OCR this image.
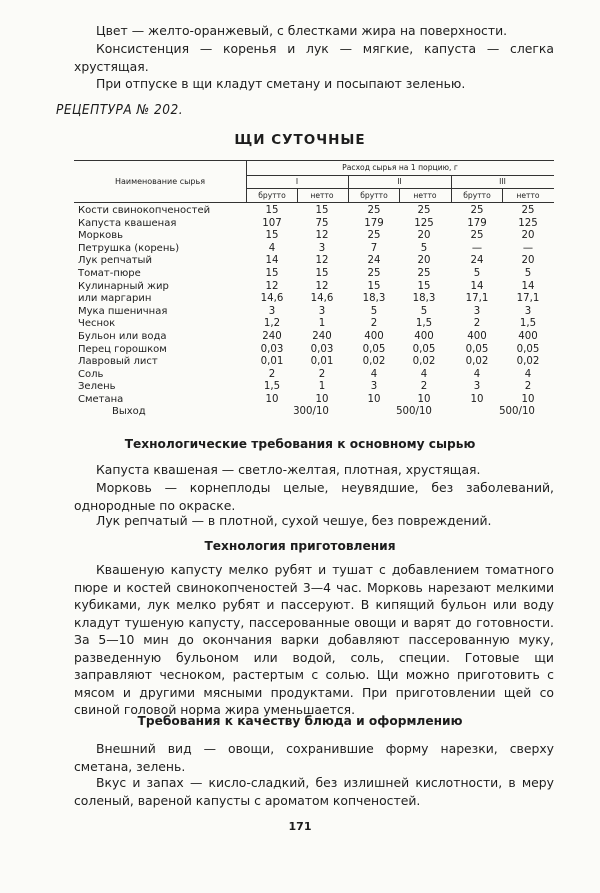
Цвет — желто-оранжевый, с блестками жира на поверхности.

Консистенция — коренья и лук — мягкие, капуста — слегка хрустящая.

При отпуске в щи кладут сметану и посыпают зеленью.

РЕЦЕПТУРА № 202.
ЩИ СУТОЧНЫЕ
Наименование сырья
Расход сырья на 1 порцию, г
I	II	III
брутто	нетто	брутто	нетто	брутто	нетто
Кости свинокопченостей	15	15	25	25	25	25
Капуста квашеная	107	75	179	125	179	125
Морковь	15	12	25	20	25	20
Петрушка (корень)	4	3	7	5	—	—
Лук репчатый	14	12	24	20	24	20
Томат-пюре	15	15	25	25	5	5
Кулинарный жир	12	12	15	15	14	14
или маргарин	14,6	14,6	18,3	18,3	17,1	17,1
Мука пшеничная	3	3	5	5	3	3
Чеснок	1,2	1	2	1,5	2	1,5
Бульон или вода	240	240	400	400	400	400
Перец горошком	0,03	0,03	0,05	0,05	0,05	0,05
Лавровый лист	0,01	0,01	0,02	0,02	0,02	0,02
Соль	2	2	4	4	4	4
Зелень	1,5	1	3	2	3	2
Сметана	10	10	10	10	10	10
Выход	300/10	500/10	500/10
Технологические требования к основному сырью

Капуста квашеная — светло-желтая, плотная, хрустящая.

Морковь — корнеплоды целые, неувядшие, без заболеваний, однородные по окраске.

Лук репчатый — в плотной, сухой чешуе, без повреждений.

Технология приготовления

Квашеную капусту мелко рубят и тушат с добавлением томатного пюре и костей свинокопченостей 3—4 час. Морковь нарезают мелкими кубиками, лук мелко рубят и пассеруют. В кипящий бульон или воду кладут тушеную капусту, пассерованные овощи и варят до готовности. За 5—10 мин до окончания варки добавляют пассерованную муку, разведенную бульоном или водой, соль, специи. Готовые щи заправляют чесноком, растертым с солью. Щи можно приготовить с мясом и другими мясными продуктами. При приготовлении щей со свиной головой норма жира уменьшается.

Требования к качеству блюда и оформлению

Внешний вид — овощи, сохранившие форму нарезки, сверху сметана, зелень.

Вкус и запах — кисло-сладкий, без излишней кислотности, в меру соленый, вареной капусты с ароматом копченостей.

171
